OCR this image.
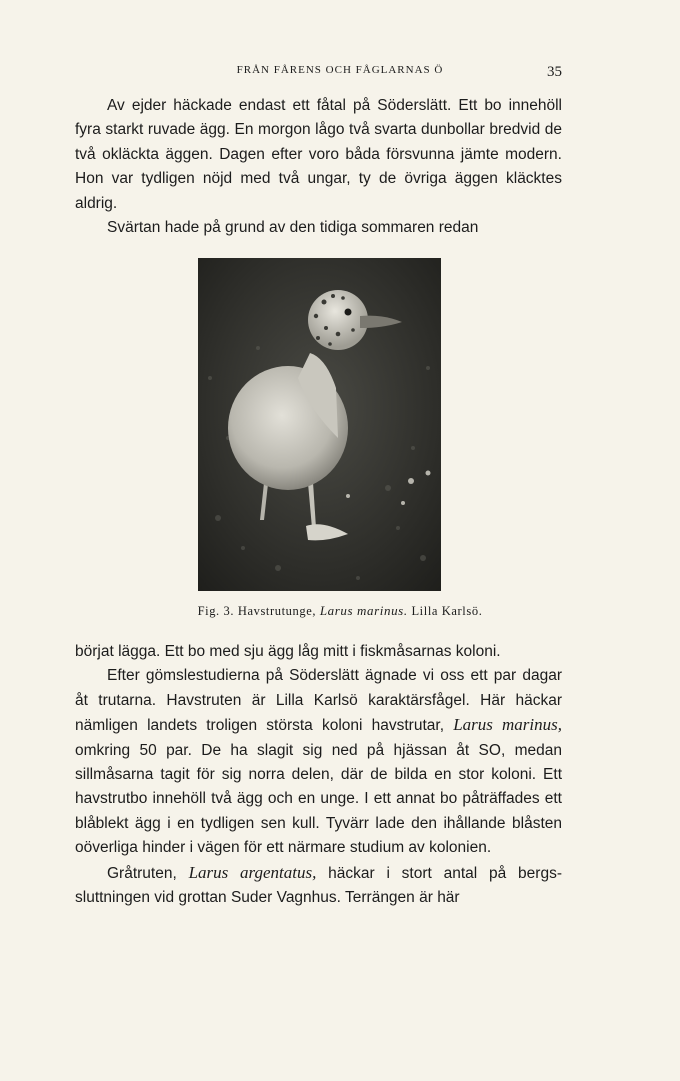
FRÅN FÅRENS OCH FÅGLARNAS Ö	35

Av ejder häckade endast ett fåtal på Söderslätt. Ett bo innehöll fyra starkt ruvade ägg. En morgon lågo två svarta dunbollar bredvid de två okläckta äggen. Dagen efter voro båda försvunna jämte modern. Hon var tydligen nöjd med två ungar, ty de övriga äggen kläcktes aldrig.

Svärtan hade på grund av den tidiga sommaren redan

Fig. 3. Havstrutunge, Larus marinus. Lilla Karlsö.

börjat lägga. Ett bo med sju ägg låg mitt i fiskmåsarnas koloni.

Efter gömslestudierna på Söderslätt ägnade vi oss ett par dagar åt trutarna. Havstruten är Lilla Karlsö karaktärsfågel. Här häckar nämligen landets troligen största koloni havstrutar, Larus marinus, omkring 50 par. De ha slagit sig ned på hjässan åt SO, medan sillmåsarna tagit för sig norra delen, där de bilda en stor koloni. Ett havstrutbo innehöll två ägg och en unge. I ett annat bo påträffades ett blåblekt ägg i en tydligen sen kull. Tyvärr lade den ihållande blåsten oöverliga hinder i vägen för ett närmare studium av kolonien.

Gråtruten, Larus argentatus, häckar i stort antal på bergssluttningen vid grottan Suder Vagnhus. Terrängen är här
